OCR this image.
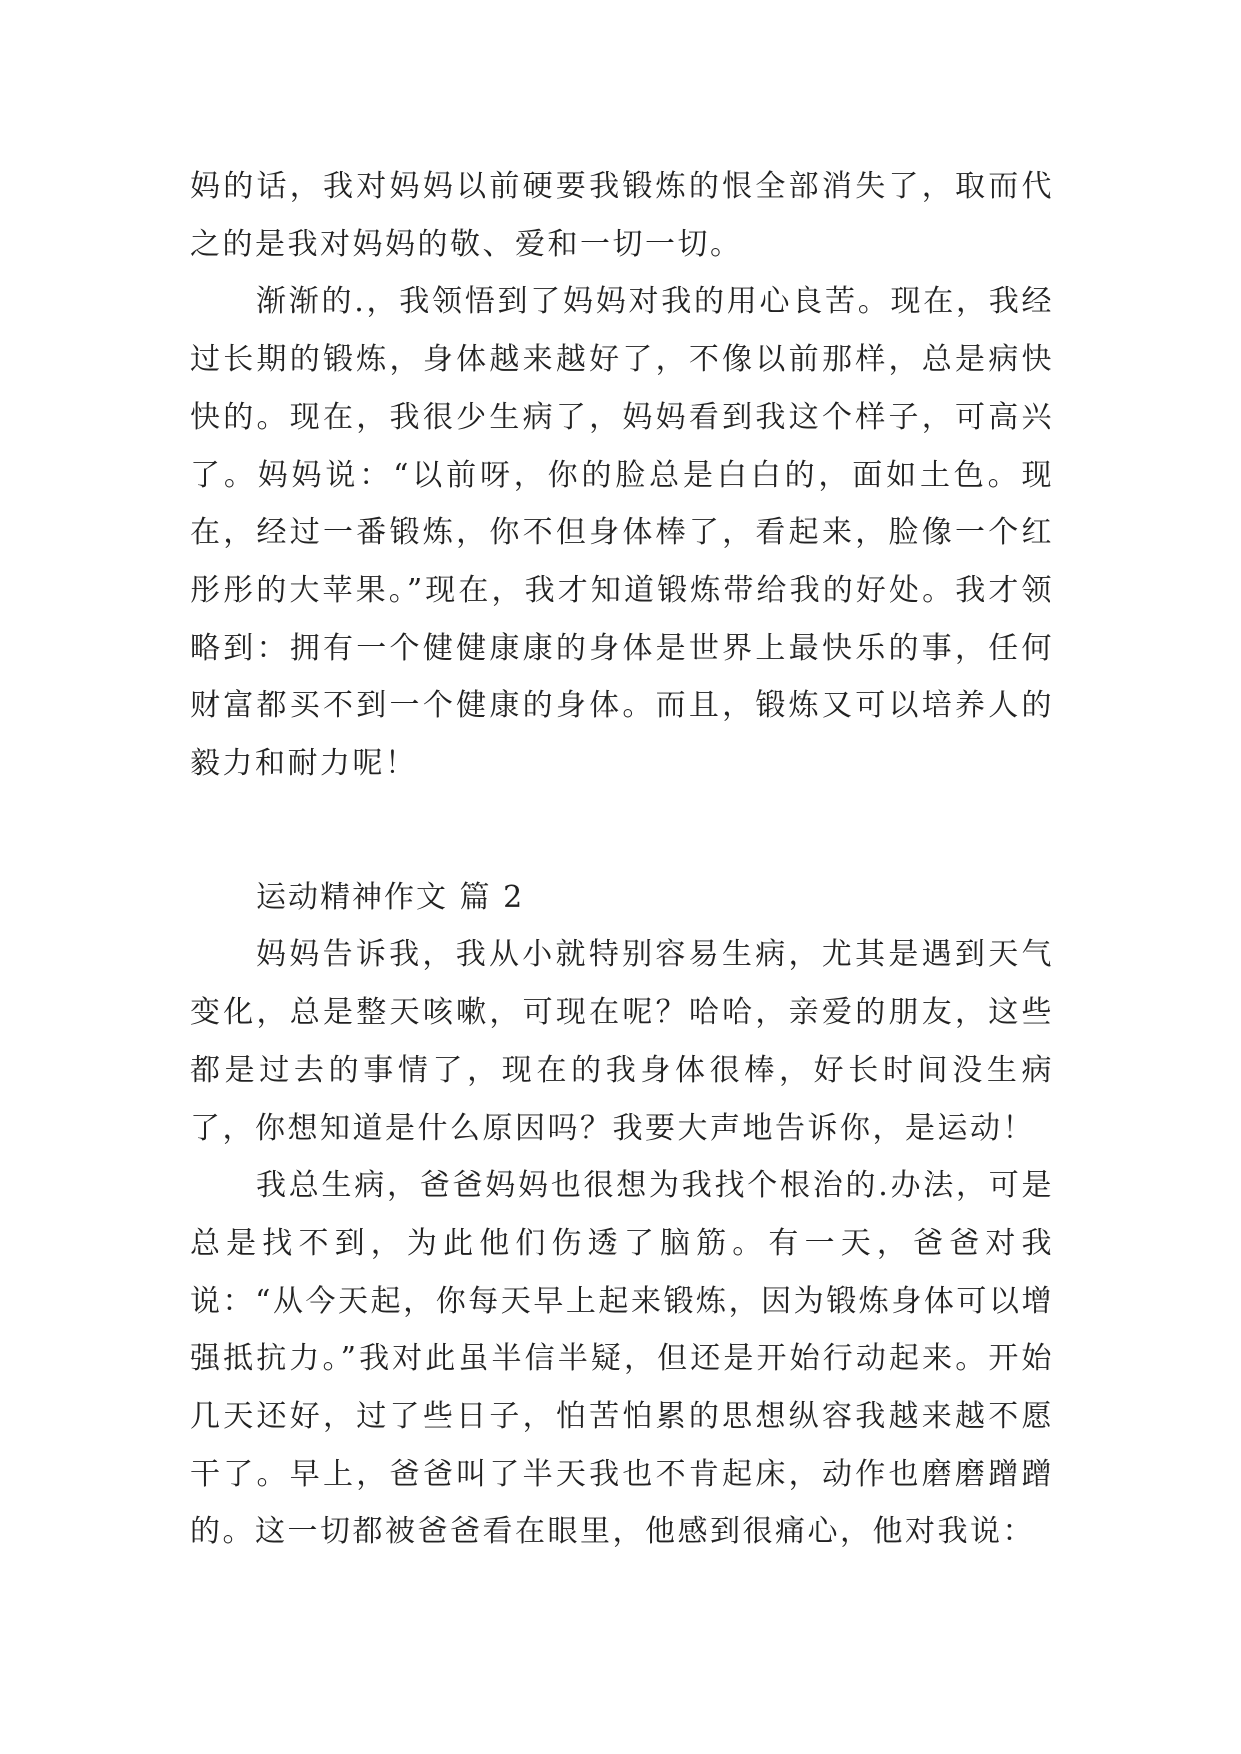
妈的话，我对妈妈以前硬要我锻炼的恨全部消失了，取而代之的是我对妈妈的敬、爱和一切一切。

渐渐的.，我领悟到了妈妈对我的用心良苦。现在，我经过长期的锻炼，身体越来越好了，不像以前那样，总是病快快的。现在，我很少生病了，妈妈看到我这个样子，可高兴了。妈妈说：“以前呀，你的脸总是白白的，面如土色。现在，经过一番锻炼，你不但身体棒了，看起来，脸像一个红彤彤的大苹果。”现在，我才知道锻炼带给我的好处。我才领略到：拥有一个健健康康的身体是世界上最快乐的事，任何财富都买不到一个健康的身体。而且，锻炼又可以培养人的毅力和耐力呢！

运动精神作文 篇 2

妈妈告诉我，我从小就特别容易生病，尤其是遇到天气变化，总是整天咳嗽，可现在呢？哈哈，亲爱的朋友，这些都是过去的事情了，现在的我身体很棒，好长时间没生病了，你想知道是什么原因吗？我要大声地告诉你，是运动！

我总生病，爸爸妈妈也很想为我找个根治的.办法，可是总是找不到，为此他们伤透了脑筋。有一天，爸爸对我说：“从今天起，你每天早上起来锻炼，因为锻炼身体可以增强抵抗力。”我对此虽半信半疑，但还是开始行动起来。开始几天还好，过了些日子，怕苦怕累的思想纵容我越来越不愿干了。早上，爸爸叫了半天我也不肯起床，动作也磨磨蹭蹭的。这一切都被爸爸看在眼里，他感到很痛心，他对我说：
